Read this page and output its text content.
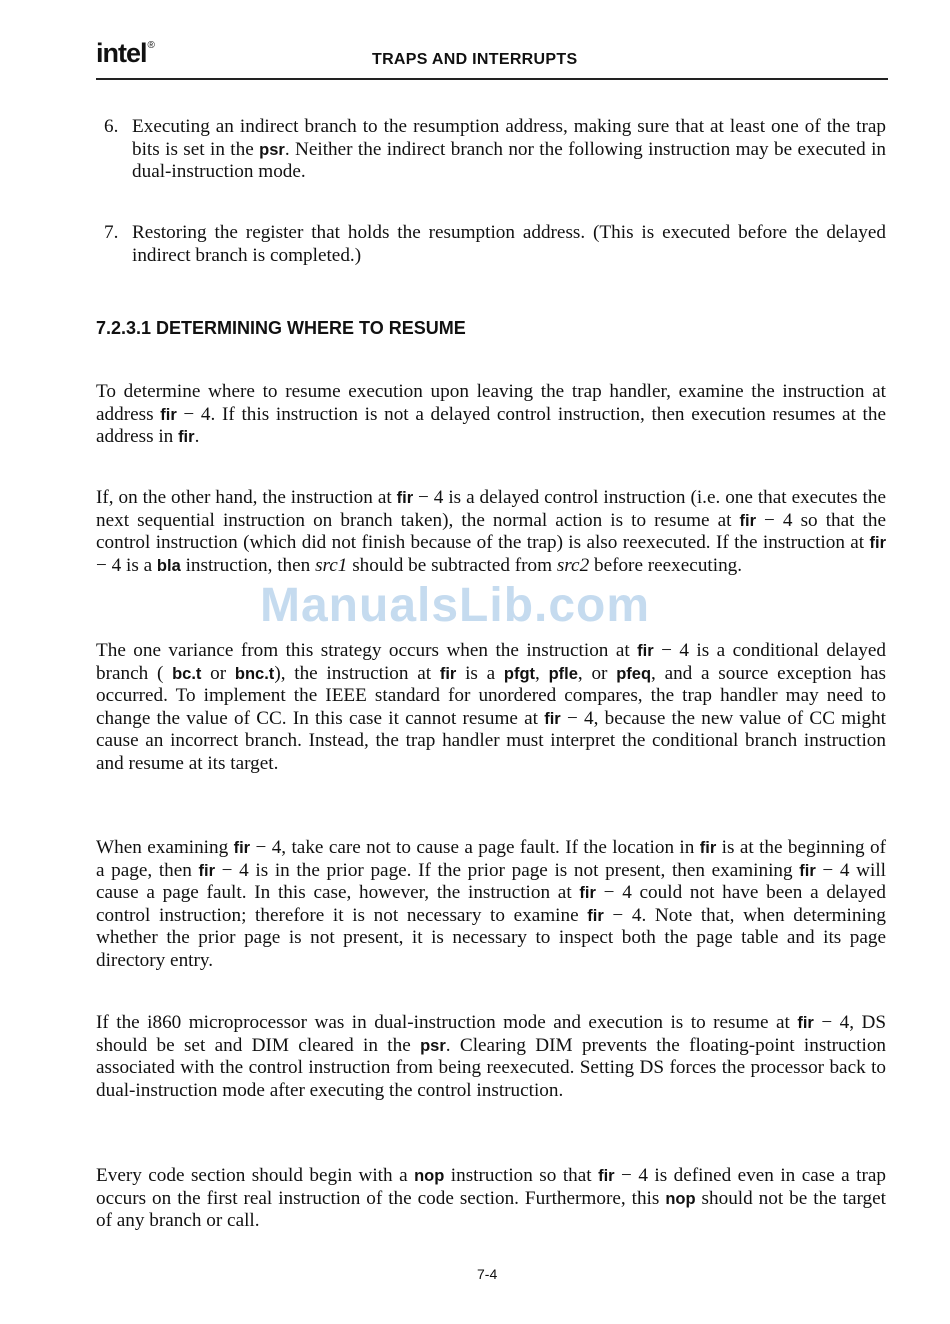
intel®
TRAPS AND INTERRUPTS
6. Executing an indirect branch to the resumption address, making sure that at least one of the trap bits is set in the psr. Neither the indirect branch nor the following instruction may be executed in dual-instruction mode.
7. Restoring the register that holds the resumption address. (This is executed before the delayed indirect branch is completed.)
7.2.3.1 DETERMINING WHERE TO RESUME
To determine where to resume execution upon leaving the trap handler, examine the instruction at address fir − 4. If this instruction is not a delayed control instruction, then execution resumes at the address in fir.
If, on the other hand, the instruction at fir − 4 is a delayed control instruction (i.e. one that executes the next sequential instruction on branch taken), the normal action is to resume at fir − 4 so that the control instruction (which did not finish because of the trap) is also reexecuted. If the instruction at fir − 4 is a bla instruction, then src1 should be subtracted from src2 before reexecuting.
ManualsLib.com
The one variance from this strategy occurs when the instruction at fir − 4 is a conditional delayed branch ( bc.t or bnc.t), the instruction at fir is a pfgt, pfle, or pfeq, and a source exception has occurred. To implement the IEEE standard for unordered compares, the trap handler may need to change the value of CC. In this case it cannot resume at fir − 4, because the new value of CC might cause an incorrect branch. Instead, the trap handler must interpret the conditional branch instruction and resume at its target.
When examining fir − 4, take care not to cause a page fault. If the location in fir is at the beginning of a page, then fir − 4 is in the prior page. If the prior page is not present, then examining fir − 4 will cause a page fault. In this case, however, the instruction at fir − 4 could not have been a delayed control instruction; therefore it is not necessary to examine fir − 4. Note that, when determining whether the prior page is not present, it is necessary to inspect both the page table and its page directory entry.
If the i860 microprocessor was in dual-instruction mode and execution is to resume at fir − 4, DS should be set and DIM cleared in the psr. Clearing DIM prevents the floating-point instruction associated with the control instruction from being reexecuted. Setting DS forces the processor back to dual-instruction mode after executing the control instruction.
Every code section should begin with a nop instruction so that fir − 4 is defined even in case a trap occurs on the first real instruction of the code section. Furthermore, this nop should not be the target of any branch or call.
7-4
